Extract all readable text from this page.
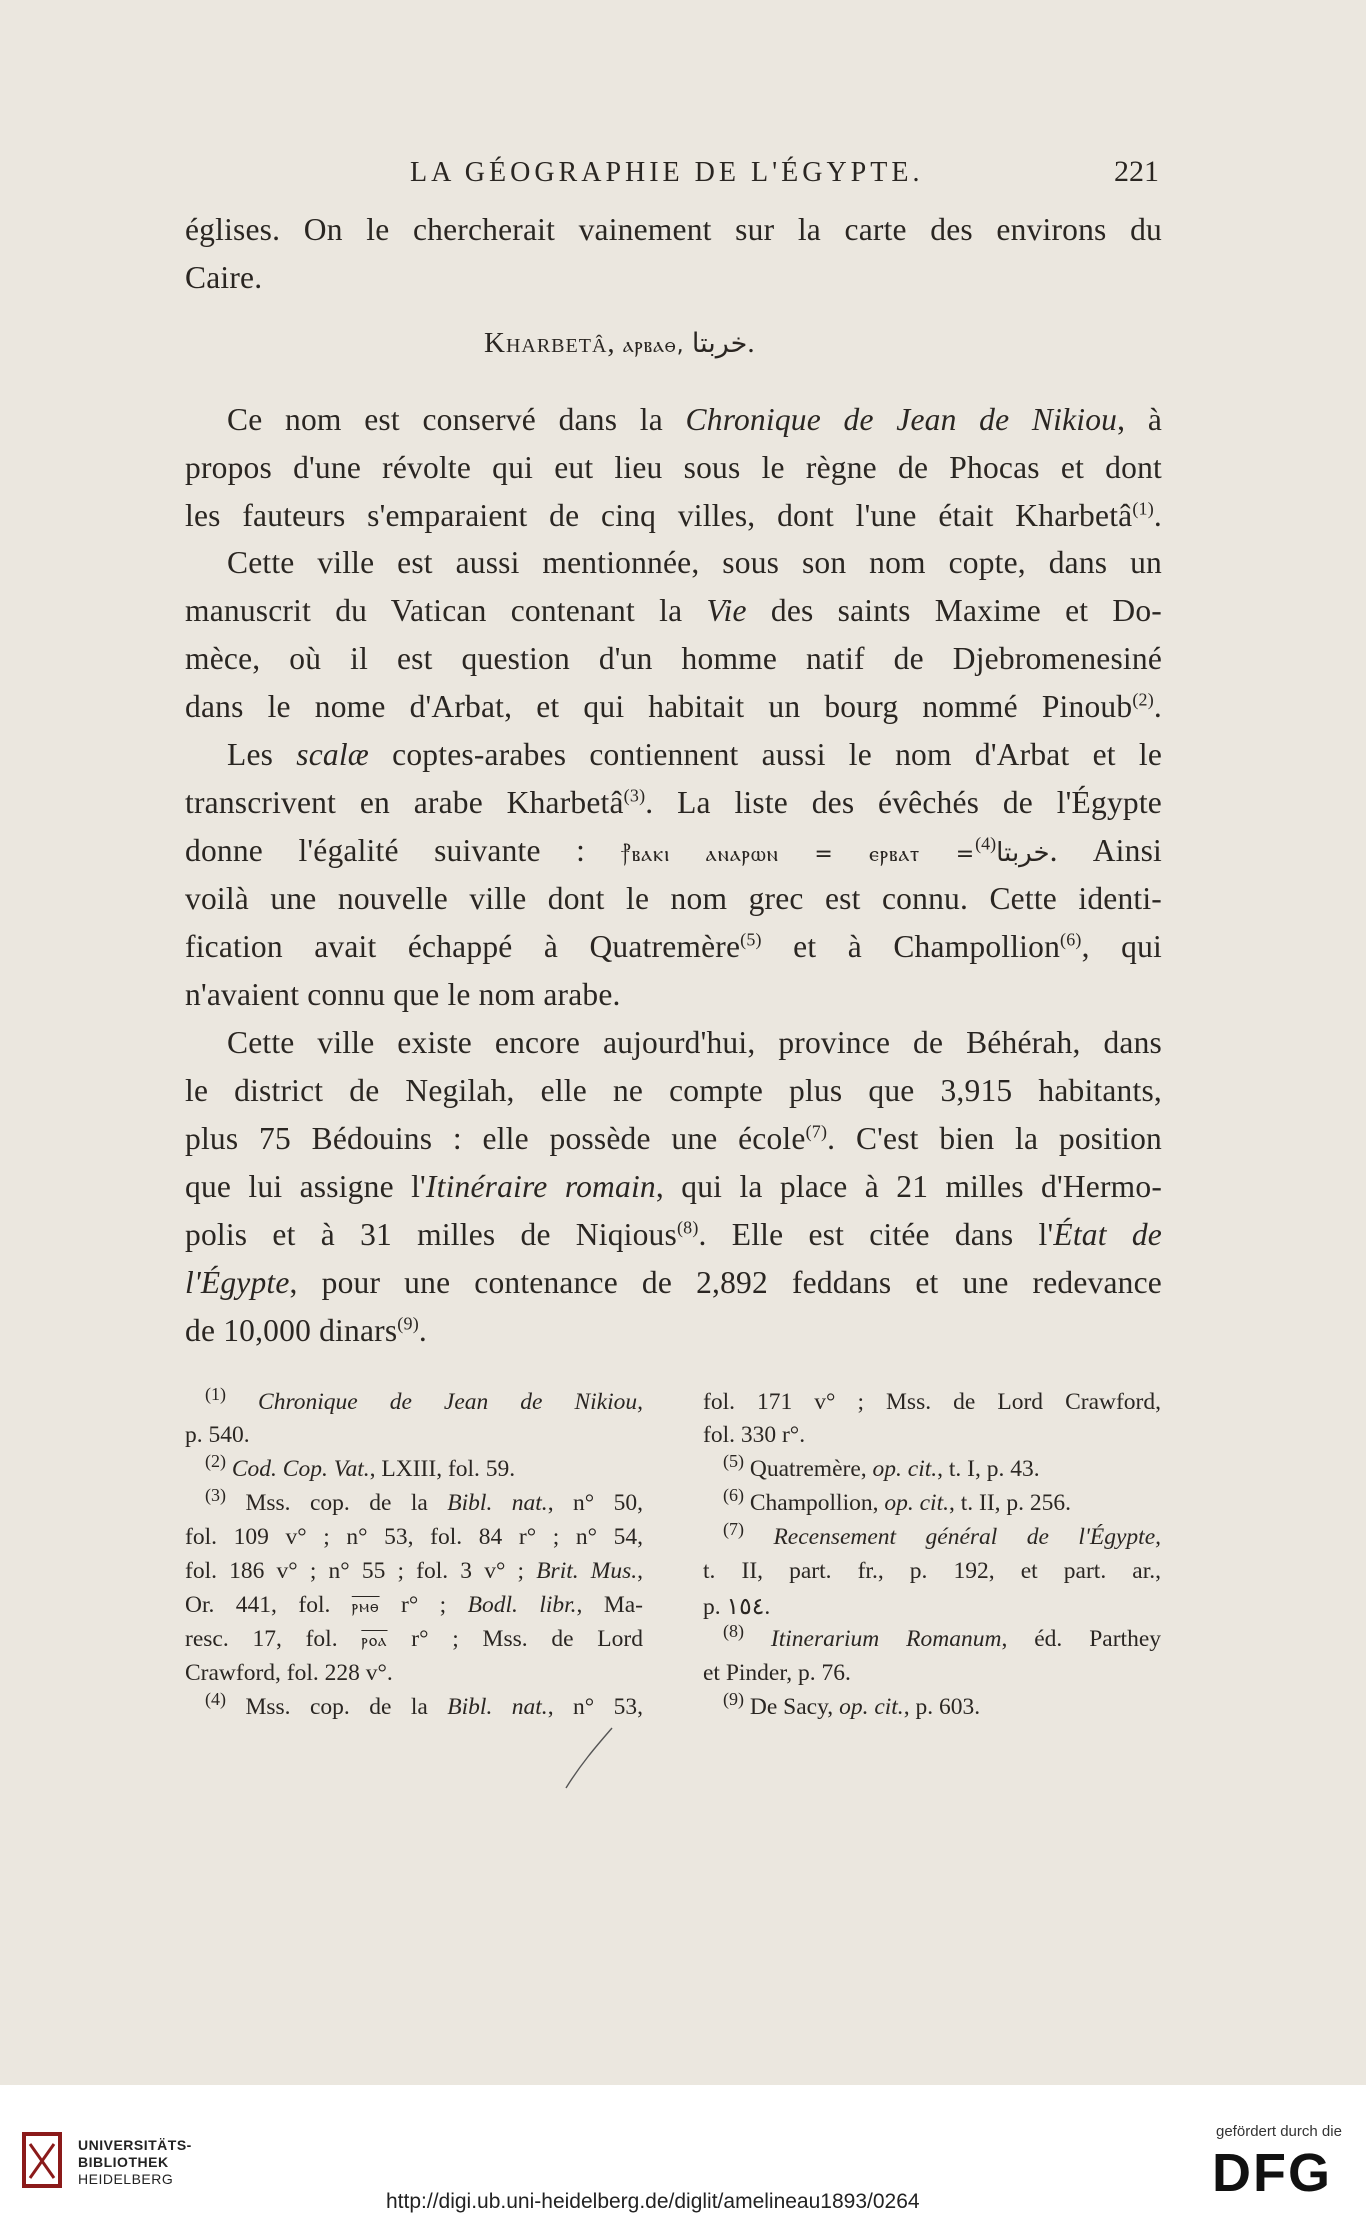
LA GÉOGRAPHIE DE L'ÉGYPTE.	221
églises. On le chercherait vainement sur la carte des environs du
Caire.
Kharbetâ, ⲁⲣⲃⲁⲑ, خربتا.
Ce nom est conservé dans la Chronique de Jean de Nikiou, à
propos d'une révolte qui eut lieu sous le règne de Phocas et dont
les fauteurs s'emparaient de cinq villes, dont l'une était Kharbetâ$^{(1)}$.
Cette ville est aussi mentionnée, sous son nom copte, dans un
manuscrit du Vatican contenant la Vie des saints Maxime et Do-
mèce, où il est question d'un homme natif de Djebromenesiné
dans le nome d'Arbat, et qui habitait un bourg nommé Pinoub$^{(2)}$.
Les scalæ coptes-arabes contiennent aussi le nom d'Arbat et le
transcrivent en arabe Kharbetâ$^{(3)}$. La liste des évêchés de l'Égypte
donne l'égalité suivante : ⳨ⲃⲁⲕⲓ ⲁⲛⲁⲣⲱⲛ = ⲉⲣⲃⲁⲧ = خربتا$^{(4)}$ . Ainsi
voilà une nouvelle ville dont le nom grec est connu. Cette identi-
fication avait échappé à Quatremère$^{(5)}$ et à Champollion$^{(6)}$, qui
n'avaient connu que le nom arabe.
Cette ville existe encore aujourd'hui, province de Béhérah, dans
le district de Negilah, elle ne compte plus que 3,915 habitants,
plus 75 Bédouins : elle possède une école$^{(7)}$. C'est bien la position
que lui assigne l'Itinéraire romain, qui la place à 21 milles d'Hermo-
polis et à 31 milles de Niqious$^{(8)}$. Elle est citée dans l'État de
l'Égypte, pour une contenance de 2,892 feddans et une redevance
de 10,000 dinars$^{(9)}$.
$^{(1)}$ Chronique de Jean de Nikiou,
p. 540.
$^{(2)}$ Cod. Cop. Vat., LXIII, fol. 59.
$^{(3)}$ Mss. cop. de la Bibl. nat., n° 50,
fol. 109 v° ; n° 53, fol. 84 r° ; n° 54,
fol. 186 v° ; n° 55 ; fol. 3 v° ; Brit. Mus.,
Or. 441, fol. ⲣⲙⲑ r° ; Bodl. libr., Ma-
resc. 17, fol. ⲣⲟⲁ r° ; Mss. de Lord
Crawford, fol. 228 v°.
$^{(4)}$ Mss. cop. de la Bibl. nat., n° 53,
fol. 171 v° ; Mss. de Lord Crawford,
fol. 330 r°.
$^{(5)}$ Quatremère, op. cit., t. I, p. 43.
$^{(6)}$ Champollion, op. cit., t. II, p. 256.
$^{(7)}$ Recensement général de l'Égypte,
t. II, part. fr., p. 192, et part. ar.,
p. ١٥٤.
$^{(8)}$ Itinerarium Romanum, éd. Parthey
et Pinder, p. 76.
$^{(9)}$ De Sacy, op. cit., p. 603.
UNIVERSITÄTS-
BIBLIOTHEK
HEIDELBERG
http://digi.ub.uni-heidelberg.de/diglit/amelineau1893/0264
gefördert durch die
DFG
